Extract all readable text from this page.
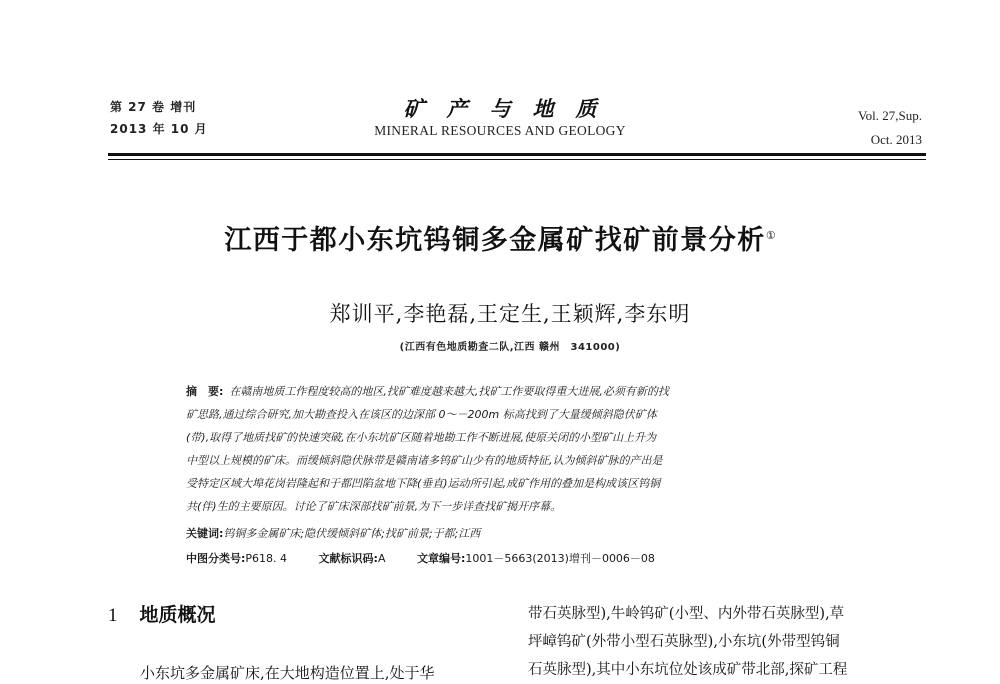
第 27 卷 增刊
2013 年 10 月
矿产与地质
MINERAL RESOURCES AND GEOLOGY
Vol. 27,Sup.
Oct. 2013
江西于都小东坑钨铜多金属矿找矿前景分析①
郑训平,李艳磊,王定生,王颖辉,李东明
(江西有色地质勘查二队,江西 赣州　341000)
摘　要: 在赣南地质工作程度较高的地区,找矿难度越来越大,找矿工作要取得重大进展,必须有新的找
矿思路,通过综合研究,加大勘查投入在该区的边深部 0～－200m 标高找到了大量缓倾斜隐伏矿体
(带),取得了地质找矿的快速突破,在小东坑矿区随着地勘工作不断进展,使原关闭的小型矿山上升为
中型以上规模的矿床。而缓倾斜隐伏脉带是赣南诸多钨矿山少有的地质特征,认为倾斜矿脉的产出是
受特定区域大埠花岗岩隆起和于都凹陷盆地下降(垂直)运动所引起,成矿作用的叠加是构成该区钨铜
共(伴)生的主要原因。讨论了矿床深部找矿前景,为下一步详查找矿揭开序幕。
关键词:钨铜多金属矿床;隐伏缓倾斜矿体;找矿前景;于都;江西
中图分类号:P618. 4	文献标识码:A	文章编号:1001－5663(2013)增刊－0006－08
1 地质概况
小东坑多金属矿床,在大地构造位置上,处于华
带石英脉型),牛岭钨矿(小型、内外带石英脉型),草
坪嶂钨矿(外带小型石英脉型),小东坑(外带型钨铜
石英脉型),其中小东坑位处该成矿带北部,探矿工程
